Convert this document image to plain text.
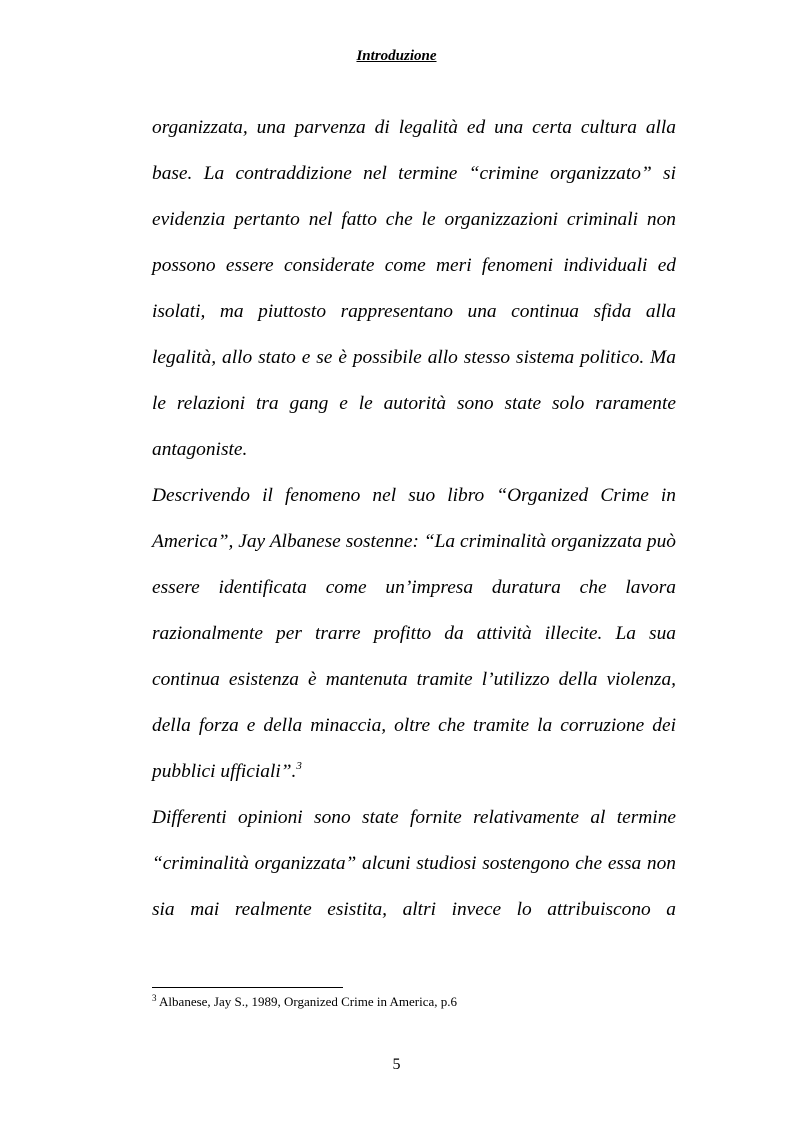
Introduzione

organizzata, una parvenza di legalità ed una certa cultura alla base. La contraddizione nel termine “crimine organizzato” si evidenzia pertanto nel fatto che le organizzazioni criminali non possono essere considerate come meri fenomeni individuali ed isolati, ma piuttosto rappresentano una continua sfida alla legalità, allo stato e se è possibile allo stesso sistema politico. Ma le relazioni tra gang e le autorità sono state solo raramente antagoniste.

Descrivendo il fenomeno nel suo libro “Organized Crime in America”, Jay Albanese sostenne: “La criminalità organizzata può essere identificata come un’impresa duratura che lavora razionalmente per trarre profitto da attività illecite. La sua continua esistenza è mantenuta tramite l’utilizzo della violenza, della forza e della minaccia, oltre che tramite la corruzione dei pubblici ufficiali”.$^3$

Differenti opinioni sono state fornite relativamente al termine “criminalità organizzata” alcuni studiosi sostengono che essa non sia mai realmente esistita, altri invece lo attribuiscono a

$^3$ Albanese, Jay S., 1989, Organized Crime in America, p.6

5
